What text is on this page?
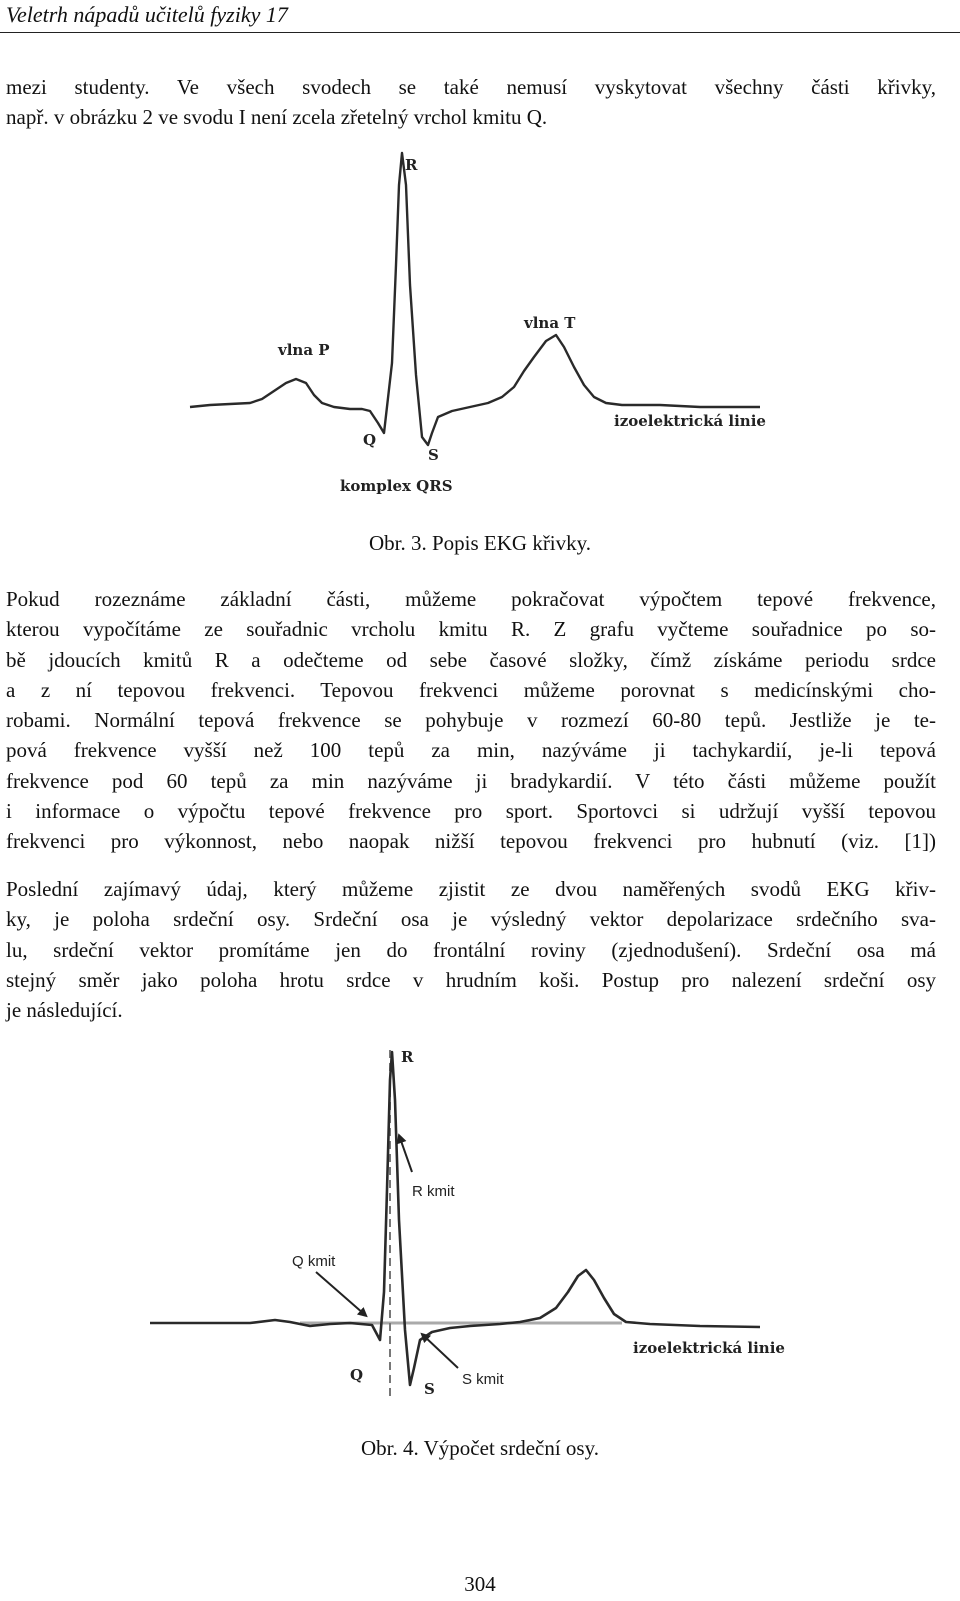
Veletrh nápadů učitelů fyziky 17
mezi studenty. Ve všech svodech se také nemusí vyskytovat všechny části křivky,
např. v obrázku 2 ve svodu I není zcela zřetelný vrchol kmitu Q.
R
vlna P
vlna T
Q
S
komplex QRS
izoelektrická linie
Obr. 3. Popis EKG křivky.
Pokud rozeznáme základní části, můžeme pokračovat výpočtem tepové frekvence,
kterou vypočítáme ze souřadnic vrcholu kmitu R. Z grafu vyčteme souřadnice po so-
bě jdoucích kmitů R a odečteme od sebe časové složky, čímž získáme periodu srdce
a z ní tepovou frekvenci. Tepovou frekvenci můžeme porovnat s medicínskými cho-
robami. Normální tepová frekvence se pohybuje v rozmezí 60-80 tepů. Jestliže je te-
pová frekvence vyšší než 100 tepů za min, nazýváme ji tachykardií, je-li tepová
frekvence pod 60 tepů za min nazýváme ji bradykardií. V této části můžeme použít
i informace o výpočtu tepové frekvence pro sport. Sportovci si udržují vyšší tepovou
frekvenci pro výkonnost, nebo naopak nižší tepovou frekvenci pro hubnutí (viz. [1])
Poslední zajímavý údaj, který můžeme zjistit ze dvou naměřených svodů EKG křiv-
ky, je poloha srdeční osy. Srdeční osa je výsledný vektor depolarizace srdečního sva-
lu, srdeční vektor promítáme jen do frontální roviny (zjednodušení). Srdeční osa má
stejný směr jako poloha hrotu srdce v hrudním koši. Postup pro nalezení srdeční osy
je následující.
R
R kmit
Q kmit
Q
S
S kmit
izoelektrická linie
Obr. 4. Výpočet srdeční osy.
304
